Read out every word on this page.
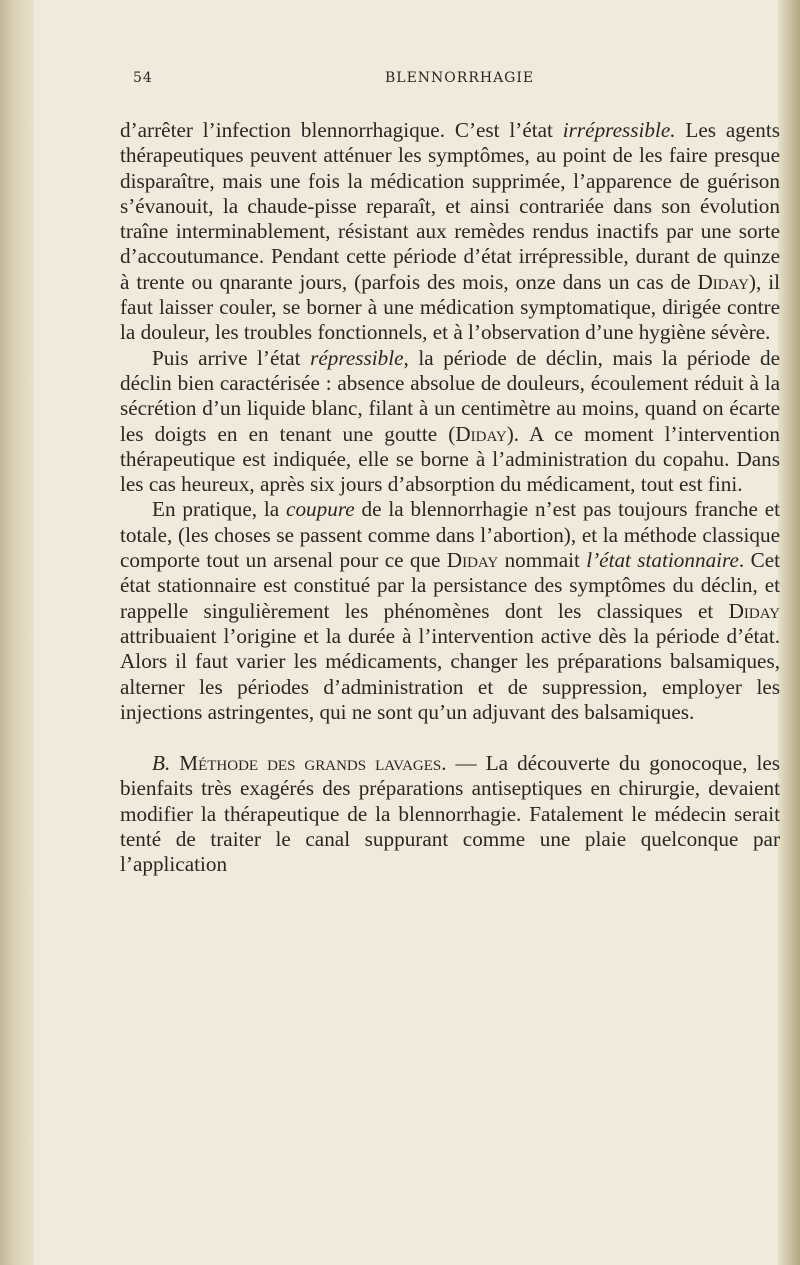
54	BLENNORRHAGIE

d’arrêter l’infection blennorrhagique. C’est l’état irrépressible. Les agents thérapeutiques peuvent atténuer les symptômes, au point de les faire presque disparaître, mais une fois la médication supprimée, l’apparence de guérison s’évanouit, la chaude-pisse reparaît, et ainsi contrariée dans son évolution traîne interminablement, résistant aux remèdes rendus inactifs par une sorte d’accoutumance. Pendant cette période d’état irrépressible, durant de quinze à trente ou qnarante jours, (parfois des mois, onze dans un cas de Diday), il faut laisser couler, se borner à une médication symptomatique, dirigée contre la douleur, les troubles fonctionnels, et à l’observation d’une hygiène sévère.

Puis arrive l’état répressible, la période de déclin, mais la période de déclin bien caractérisée : absence absolue de douleurs, écoulement réduit à la sécrétion d’un liquide blanc, filant à un centimètre au moins, quand on écarte les doigts en en tenant une goutte (Diday). A ce moment l’intervention thérapeutique est indiquée, elle se borne à l’administration du copahu. Dans les cas heureux, après six jours d’absorption du médicament, tout est fini.

En pratique, la coupure de la blennorrhagie n’est pas toujours franche et totale, (les choses se passent comme dans l’abortion), et la méthode classique comporte tout un arsenal pour ce que Diday nommait l’état stationnaire. Cet état stationnaire est constitué par la persistance des symptômes du déclin, et rappelle singulièrement les phénomènes dont les classiques et Diday attribuaient l’origine et la durée à l’intervention active dès la période d’état. Alors il faut varier les médicaments, changer les préparations balsamiques, alterner les périodes d’administration et de suppression, employer les injections astringentes, qui ne sont qu’un adjuvant des balsamiques.

B. Méthode des grands lavages. — La découverte du gonocoque, les bienfaits très exagérés des préparations antiseptiques en chirurgie, devaient modifier la thérapeutique de la blennorrhagie. Fatalement le médecin serait tenté de traiter le canal suppurant comme une plaie quelconque par l’application
